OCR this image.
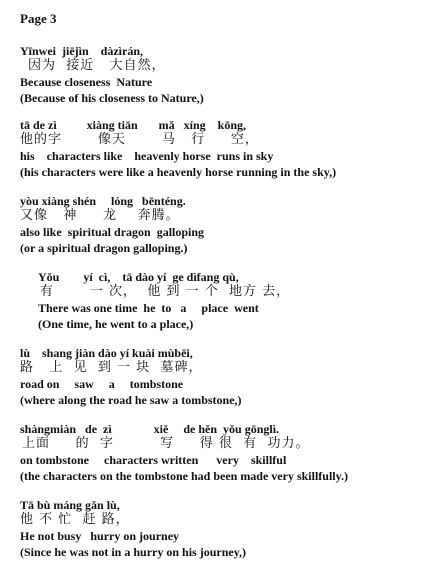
Page 3
Yīnwei  jiējìn    dàzìrán,
因为  接近   大自然，
Because closeness  Nature
(Because of his closeness to Nature,)
tā de zì          xiàng tiān       mǎ   xíng    kōng,
他的字       像天       马   行     空，
his    characters like    heavenly horse  runs in sky
(his characters were like a heavenly horse running in the sky,)
yòu xiàng shén     lóng   bēnténg.
又像   神     龙    奔腾。
also like  spiritual dragon  galloping
(or a spiritual dragon galloping.)
Yǒu        yí  cì,    tā dào yí  ge dìfang qù,
有       一 次，  他 到 一 个  地方 去，
There was one time  he  to   a     place  went
(One time, he went to a place,)
lù    shang jiàn dào yí kuài mùbēi,
路   上  见  到 一 块  墓碑，
road on     saw     a     tombstone
(where along the road he saw a tombstone,)
shàngmiàn   de  zì              xiě     de hěn  yǒu gōnglì.
上面     的  字         写     得 很  有  功力。
on tombstone     characters written      very    skillful
(the characters on the tombstone had been made very skillfully.)
Tā bù máng gǎn lù,
他 不 忙  赶 路，
He not busy   hurry on journey
(Since he was not in a hurry on his journey,)
